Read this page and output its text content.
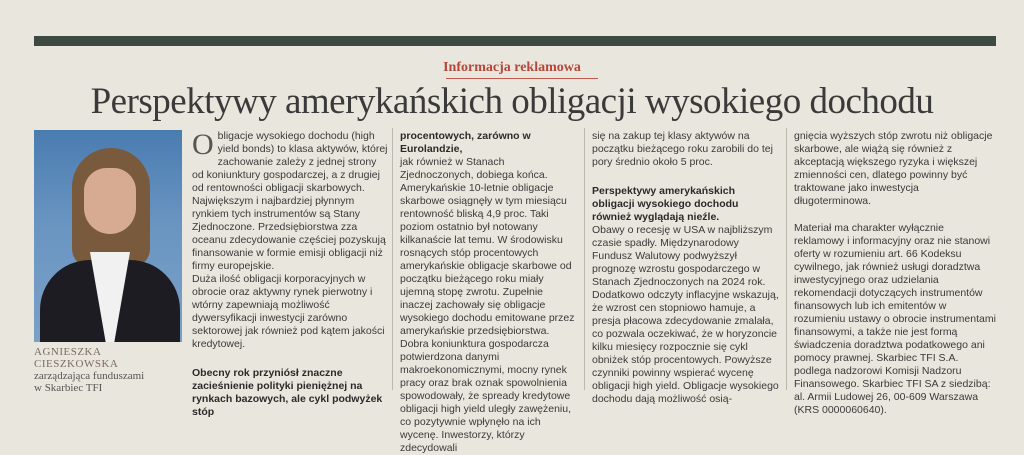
Informacja reklamowa
Perspektywy amerykańskich obligacji wysokiego dochodu
AGNIESZKA CIESZKOWSKA
zarządzająca funduszami
w Skarbiec TFI

Obligacje wysokiego dochodu (high yield bonds) to klasa aktywów, której zachowanie zależy z jednej strony od koniunktury gospodarczej, a z drugiej od rentowności obligacji skarbowych. Największym i najbardziej płynnym rynkiem tych instrumentów są Stany Zjednoczone. Przedsiębiorstwa zza oceanu zdecydowanie częściej pozyskują finansowanie w formie emisji obligacji niż firmy europejskie.

Duża ilość obligacji korporacyjnych w obrocie oraz aktywny rynek pierwotny i wtórny zapewniają możliwość dywersyfikacji inwestycji zarówno sektorowej jak również pod kątem jakości kredytowej.

Obecny rok przyniósł znaczne zacieśnienie polityki pieniężnej na rynkach bazowych, ale cykl podwyżek stóp

procentowych, zarówno w Eurolandzie,

jak również w Stanach Zjednoczonych, dobiega końca. Amerykańskie 10-letnie obligacje skarbowe osiągnęły w tym miesiącu rentowność bliską 4,9 proc. Taki poziom ostatnio był notowany kilkanaście lat temu. W środowisku rosnących stóp procentowych amerykańskie obligacje skarbowe od początku bieżącego roku miały ujemną stopę zwrotu. Zupełnie inaczej zachowały się obligacje wysokiego dochodu emitowane przez amerykańskie przedsiębiorstwa. Dobra koniunktura gospodarcza potwierdzona danymi makroekonomicznymi, mocny rynek pracy oraz brak oznak spowolnienia spowodowały, że spready kredytowe obligacji high yield uległy zawężeniu, co pozytywnie wpłynęło na ich wycenę. Inwestorzy, którzy zdecydowali

się na zakup tej klasy aktywów na początku bieżącego roku zarobili do tej pory średnio około 5 proc.

Perspektywy amerykańskich obligacji wysokiego dochodu również wyglądają nieźle.

Obawy o recesję w USA w najbliższym czasie spadły. Międzynarodowy Fundusz Walutowy podwyższył prognozę wzrostu gospodarczego w Stanach Zjednoczonych na 2024 rok. Dodatkowo odczyty inflacyjne wskazują, że wzrost cen stopniowo hamuje, a presja płacowa zdecydowanie zmalała, co pozwala oczekiwać, że w horyzoncie kilku miesięcy rozpocznie się cykl obniżek stóp procentowych. Powyższe czynniki powinny wspierać wycenę obligacji high yield. Obligacje wysokiego dochodu dają możliwość osią-

gnięcia wyższych stóp zwrotu niż obligacje skarbowe, ale wiążą się również z akceptacją większego ryzyka i większej zmienności cen, dlatego powinny być traktowane jako inwestycja długoterminowa.

Materiał ma charakter wyłącznie reklamowy i informacyjny oraz nie stanowi oferty w rozumieniu art. 66 Kodeksu cywilnego, jak również usługi doradztwa inwestycyjnego oraz udzielania rekomendacji dotyczących instrumentów finansowych lub ich emitentów w rozumieniu ustawy o obrocie instrumentami finansowymi, a także nie jest formą świadczenia doradztwa podatkowego ani pomocy prawnej. Skarbiec TFI S.A. podlega nadzorowi Komisji Nadzoru Finansowego. Skarbiec TFI SA z siedzibą: al. Armii Ludowej 26, 00-609 Warszawa (KRS 0000060640).
